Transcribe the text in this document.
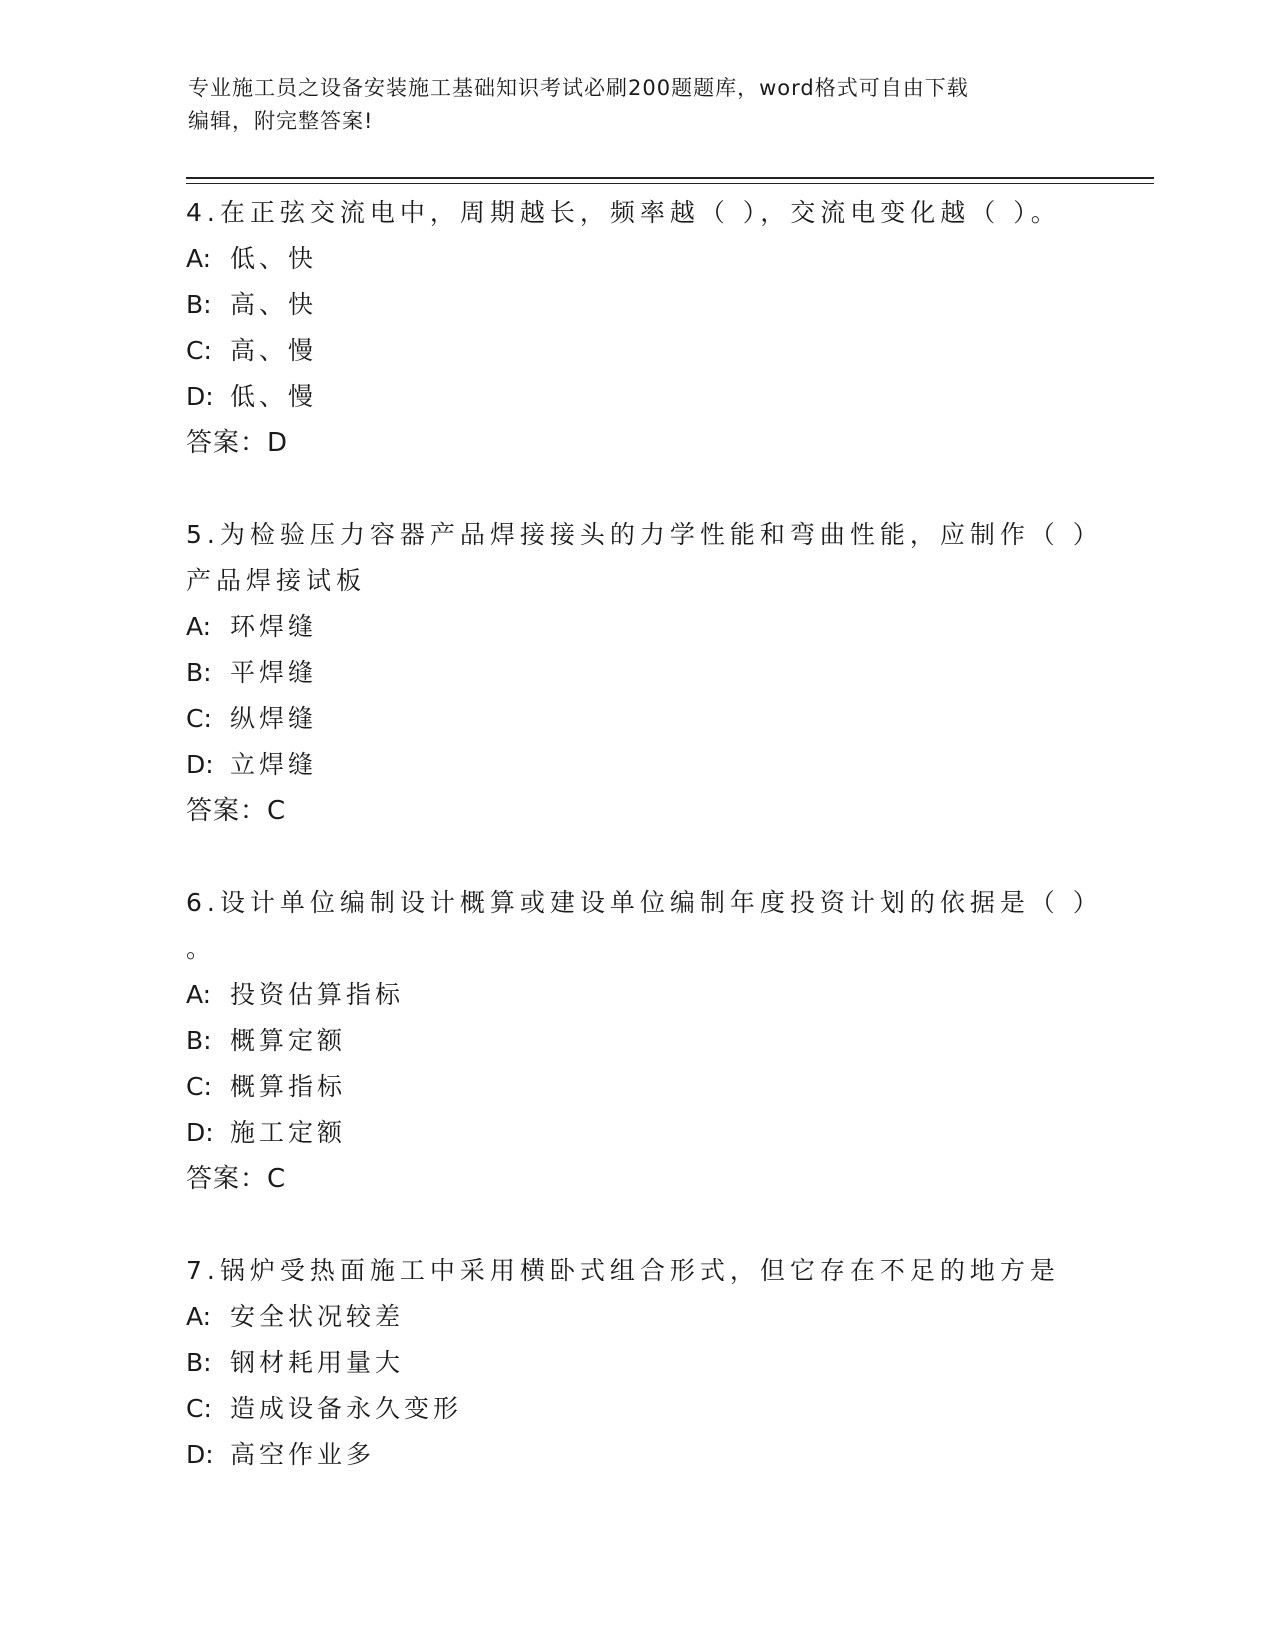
专业施工员之设备安装施工基础知识考试必刷200题题库，word格式可自由下载
编辑，附完整答案!
4.在正弦交流电中，周期越长，频率越（ ），交流电变化越（ ）。
A: 低、快
B: 高、快
C: 高、慢
D: 低、慢
答案：D
5.为检验压力容器产品焊接接头的力学性能和弯曲性能，应制作（ ）
产品焊接试板
A: 环焊缝
B: 平焊缝
C: 纵焊缝
D: 立焊缝
答案：C
6.设计单位编制设计概算或建设单位编制年度投资计划的依据是（ ）
。
A: 投资估算指标
B: 概算定额
C: 概算指标
D: 施工定额
答案：C
7.锅炉受热面施工中采用横卧式组合形式，但它存在不足的地方是
A: 安全状况较差
B: 钢材耗用量大
C: 造成设备永久变形
D: 高空作业多
